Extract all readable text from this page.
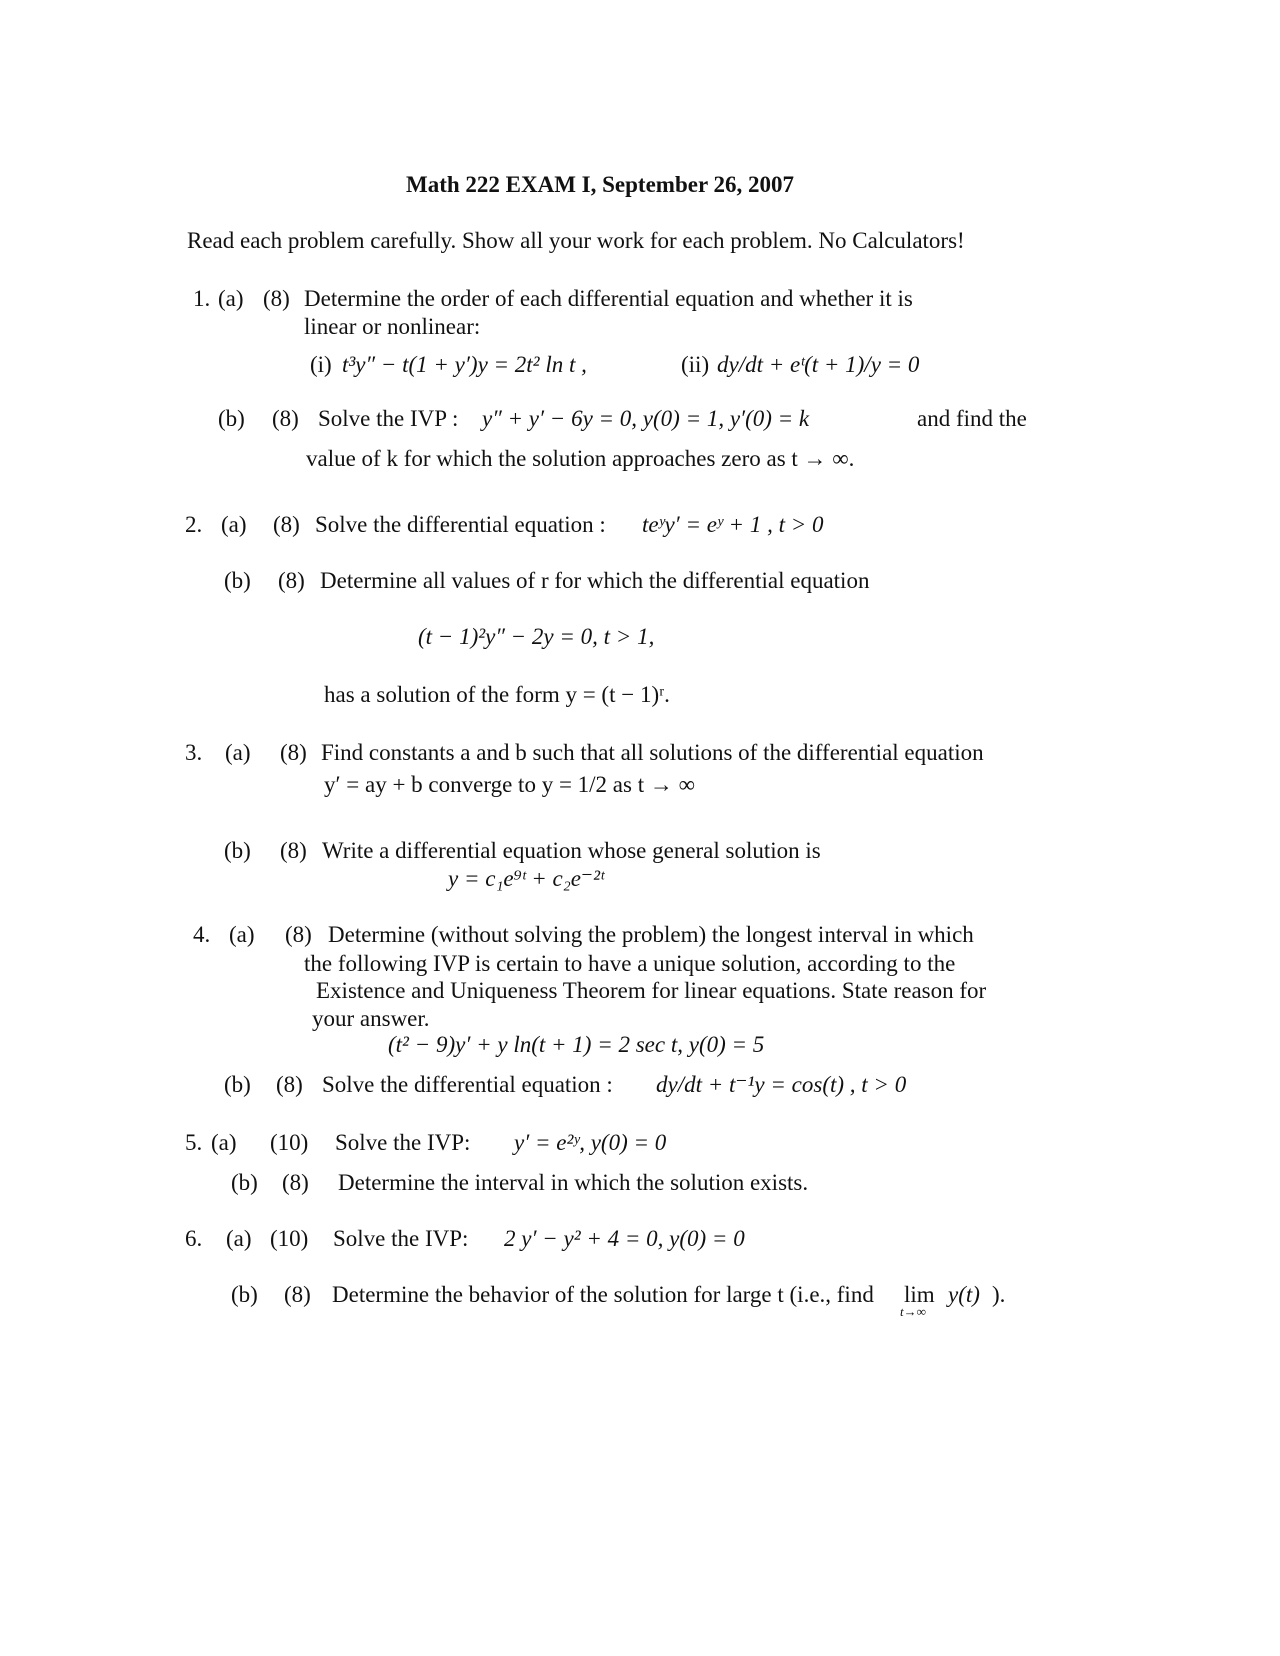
Math 222 EXAM I, September 26, 2007
Read each problem carefully. Show all your work for each problem. No Calculators!
1. (a) (8) Determine the order of each differential equation and whether it is
linear or nonlinear:
(i) t³y″ − t(1 + y′)y = 2t² ln t ,	(ii) dy/dt + eᵗ(t + 1)/y = 0
(b) (8) Solve the IVP : y″ + y′ − 6y = 0, y(0) = 1, y′(0) = k	and find the
value of k for which the solution approaches zero as t → ∞.
2. (a) (8) Solve the differential equation : teʸy′ = eʸ + 1 , t > 0
(b) (8) Determine all values of r for which the differential equation
(t − 1)²y″ − 2y = 0, t > 1,
has a solution of the form y = (t − 1)ʳ.
3. (a) (8) Find constants a and b such that all solutions of the differential equation
y′ = ay + b converge to y = 1/2 as t → ∞
(b) (8) Write a differential equation whose general solution is
y = c₁e⁹ᵗ + c₂e⁻²ᵗ
4. (a) (8) Determine (without solving the problem) the longest interval in which
the following IVP is certain to have a unique solution, according to the
Existence and Uniqueness Theorem for linear equations. State reason for
your answer.
(t² − 9)y′ + y ln(t + 1) = 2 sec t, y(0) = 5
(b) (8) Solve the differential equation : dy/dt + t⁻¹y = cos(t) , t > 0
5. (a) (10) Solve the IVP: y′ = e²ʸ, y(0) = 0
(b) (8) Determine the interval in which the solution exists.
6. (a) (10) Solve the IVP: 2 y′ − y² + 4 = 0, y(0) = 0
(b) (8) Determine the behavior of the solution for large t (i.e., find lim
t→∞
y(t) ).
